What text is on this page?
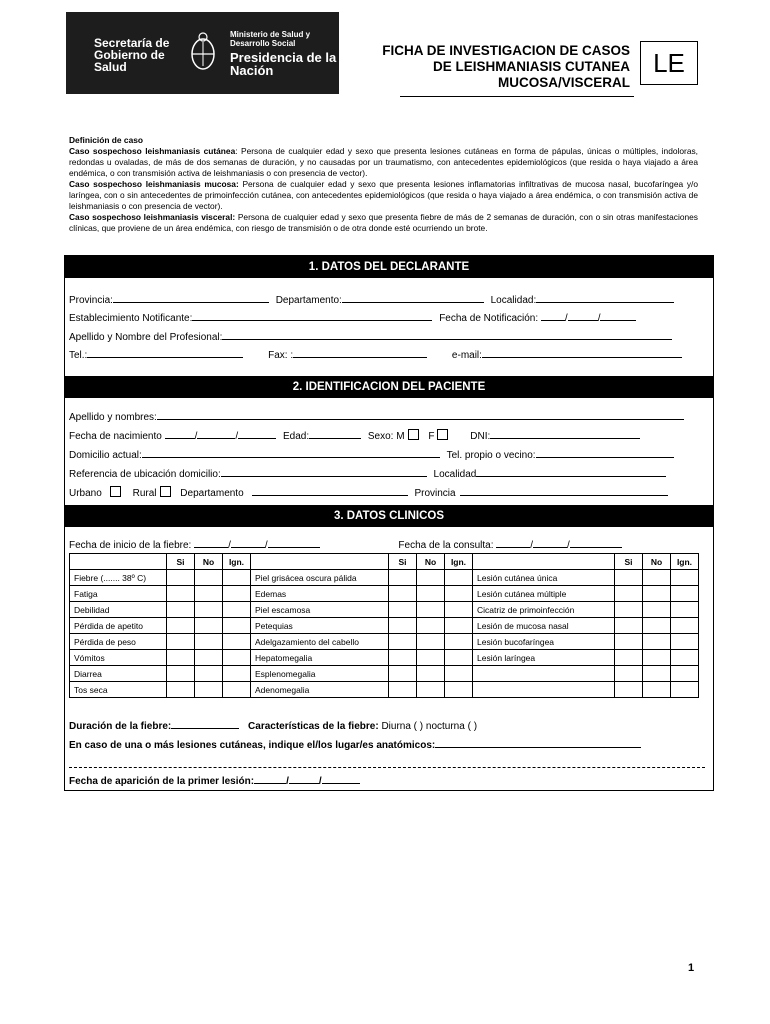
Secretaría de Gobierno de Salud
Ministerio de Salud y Desarrollo Social
Presidencia de la Nación
FICHA DE INVESTIGACION DE CASOS
DE LEISHMANIASIS CUTANEA
MUCOSA/VISCERAL
LE
Definición de caso
Caso sospechoso leishmaniasis cutánea: Persona de cualquier edad y sexo que presenta lesiones cutáneas en forma de pápulas, únicas o múltiples, indoloras, redondas u ovaladas, de más de dos semanas de duración, y no causadas por un traumatismo, con antecedentes epidemiológicos (que resida o haya viajado a área endémica, o con transmisión activa de leishmaniasis o con presencia de vector).
Caso sospechoso leishmaniasis mucosa: Persona de cualquier edad y sexo que presenta lesiones inflamatorias infiltrativas de mucosa nasal, bucofaríngea y/o laríngea, con o sin antecedentes de primoinfección cutánea, con antecedentes epidemiológicos (que resida o haya viajado a área endémica, o con transmisión activa de leishmaniasis o con presencia de vector).
Caso sospechoso leishmaniasis visceral: Persona de cualquier edad y sexo que presenta fiebre de más de 2 semanas de duración, con o sin otras manifestaciones clínicas, que proviene de un área endémica, con riesgo de transmisión o de otra donde esté ocurriendo un brote.
1. DATOS DEL DECLARANTE
Provincia:	Departamento:	Localidad:
Establecimiento Notificante:	Fecha de Notificación:	/	/
Apellido y Nombre del Profesional:
Tel.:	Fax: :	e-mail:
2. IDENTIFICACION DEL PACIENTE
Apellido y nombres:
Fecha de nacimiento	/	/	Edad:	Sexo: M F	DNI:
Domicilio actual:	Tel. propio o vecino:
Referencia de ubicación domicilio:	Localidad
Urbano	Rural Departamento	Provincia
3. DATOS CLINICOS
Fecha de inicio de la fiebre:	/	/	Fecha de la consulta:	/	/
	Si	No	Ign.		Si	No	Ign.		Si	No	Ign.
Fiebre (....... 38º C)				Piel grisácea oscura pálida				Lesión cutánea única			
Fatiga				Edemas				Lesión cutánea múltiple			
Debilidad				Piel escamosa				Cicatriz de primoinfección			
Pérdida de apetito				Petequias				Lesión de mucosa nasal			
Pérdida de peso				Adelgazamiento del cabello				Lesión bucofaríngea			
Vómitos				Hepatomegalia				Lesión laríngea			
Diarrea				Esplenomegalia							
Tos seca				Adenomegalia							
Duración de la fiebre:	Características de la fiebre: Diurna ( ) nocturna ( )
En caso de una o más lesiones cutáneas, indique el/los lugar/es anatómicos:
Fecha de aparición de la primer lesión:	/	/
1
